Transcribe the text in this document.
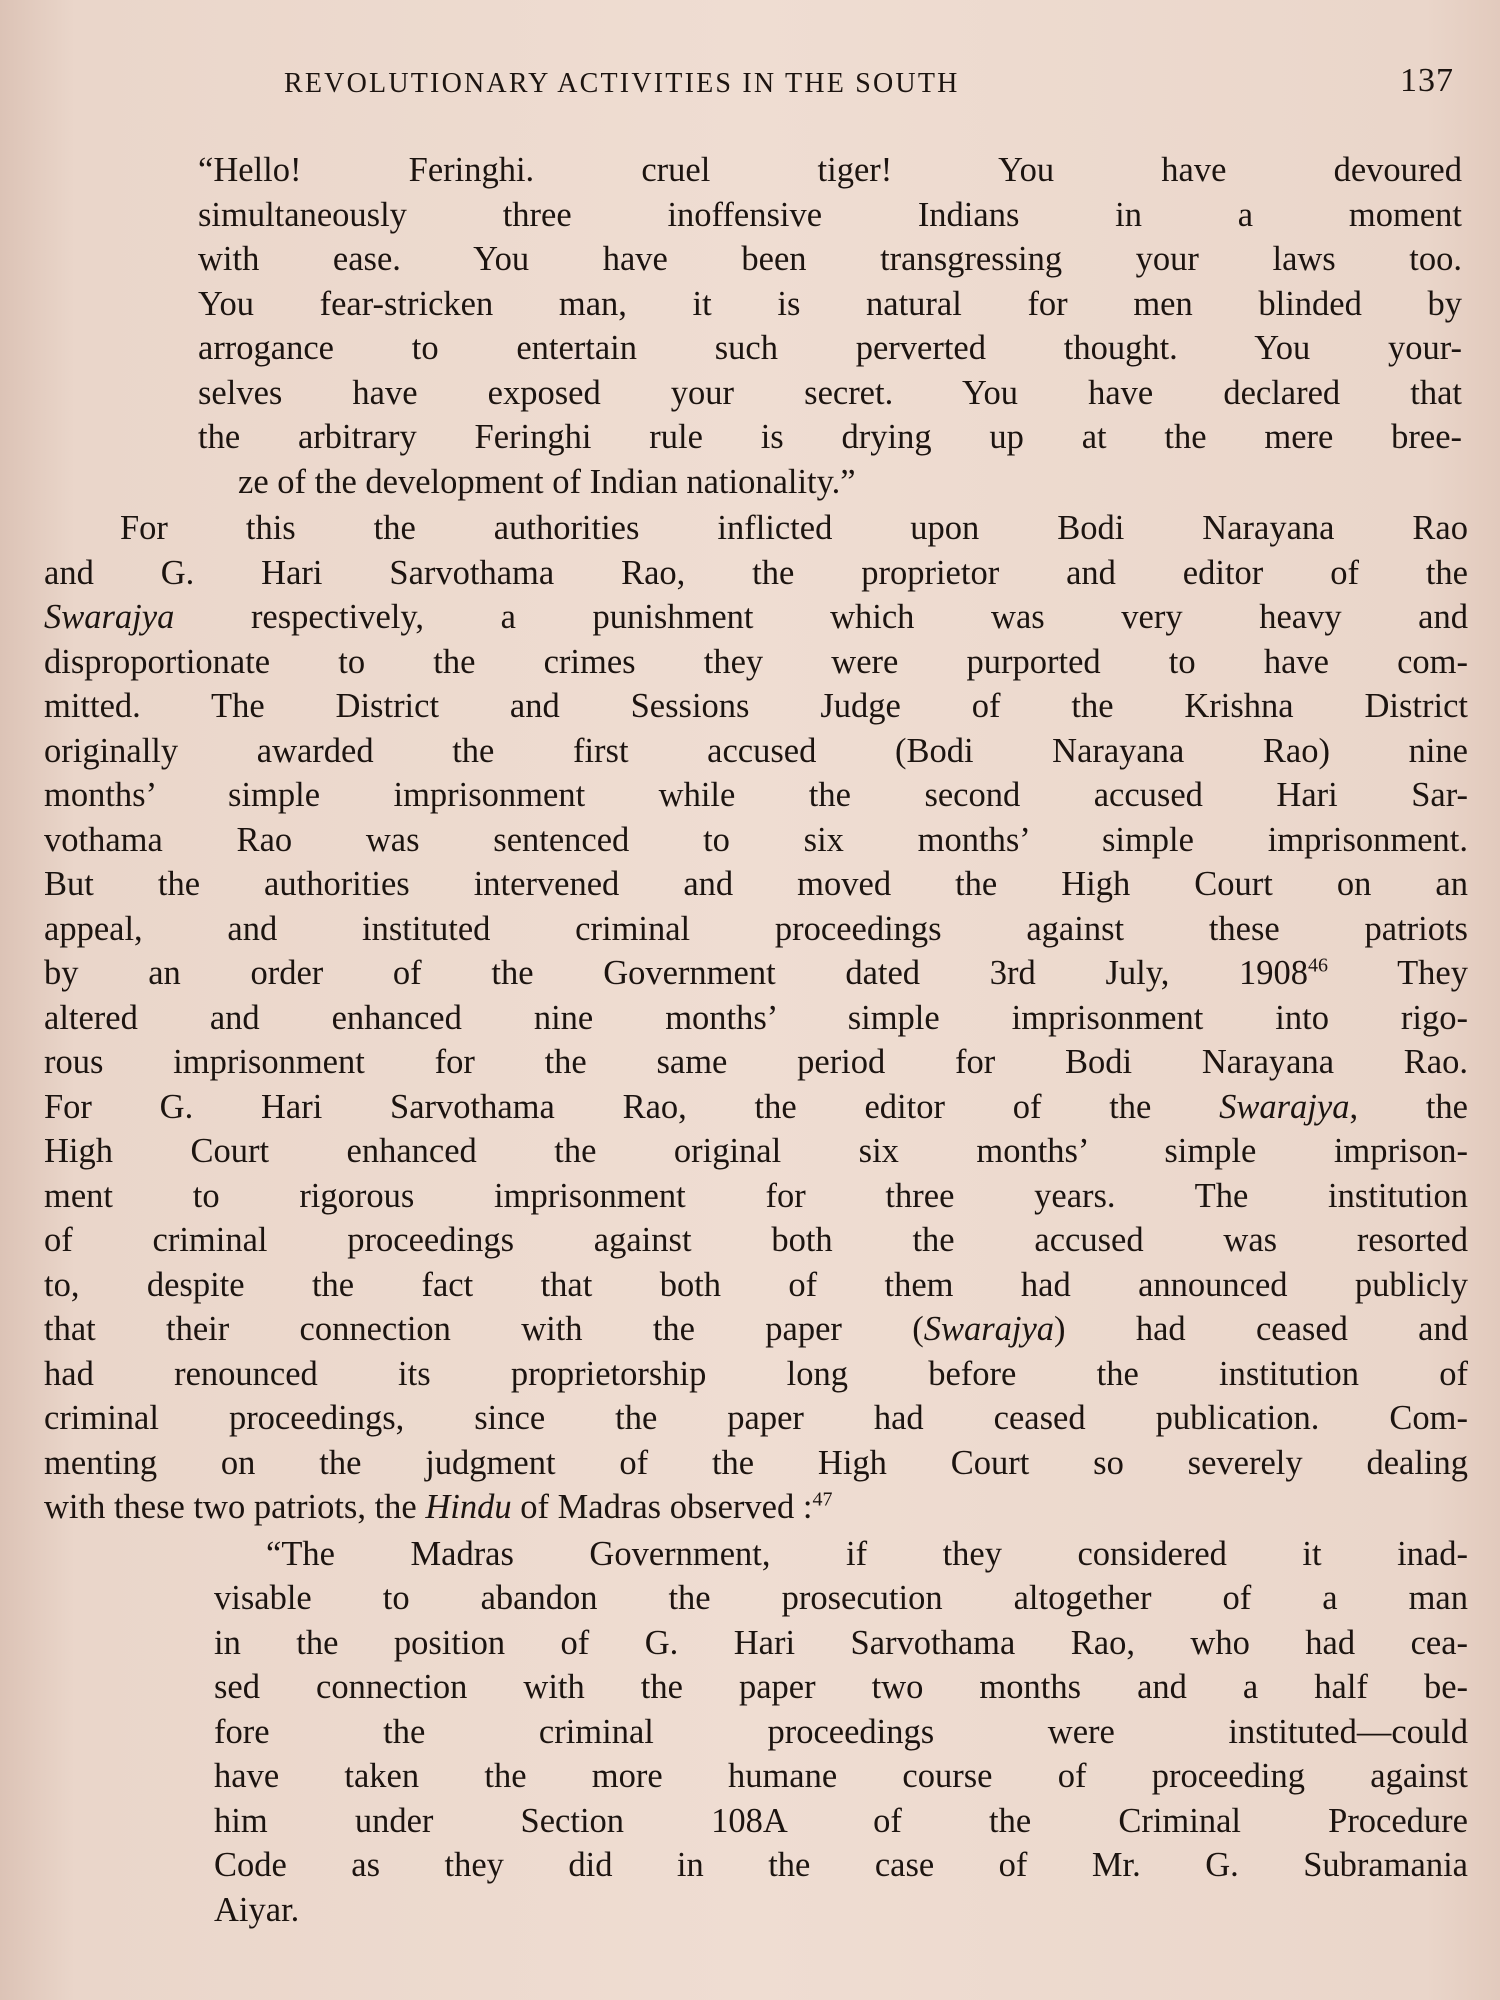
REVOLUTIONARY ACTIVITIES IN THE SOUTH	137
“Hello! Feringhi. cruel tiger! You have devoured
simultaneously three inoffensive Indians in a moment
with ease. You have been transgressing your laws too.
You fear-stricken man, it is natural for men blinded by
arrogance to entertain such perverted thought. You your-
selves have exposed your secret. You have declared that
the arbitrary Feringhi rule is drying up at the mere bree-
ze of the development of Indian nationality.”
For this the authorities inflicted upon Bodi Narayana Rao
and G. Hari Sarvothama Rao, the proprietor and editor of the
Swarajya respectively, a punishment which was very heavy and
disproportionate to the crimes they were purported to have com-
mitted. The District and Sessions Judge of the Krishna District
originally awarded the first accused (Bodi Narayana Rao) nine
months’ simple imprisonment while the second accused Hari Sar-
vothama Rao was sentenced to six months’ simple imprisonment.
But the authorities intervened and moved the High Court on an
appeal, and instituted criminal proceedings against these patriots
by an order of the Government dated 3rd July, 1908$^{46}$ They
altered and enhanced nine months’ simple imprisonment into rigo-
rous imprisonment for the same period for Bodi Narayana Rao.
For G. Hari Sarvothama Rao, the editor of the Swarajya, the
High Court enhanced the original six months’ simple imprison-
ment to rigorous imprisonment for three years. The institution
of criminal proceedings against both the accused was resorted
to, despite the fact that both of them had announced publicly
that their connection with the paper (Swarajya) had ceased and
had renounced its proprietorship long before the institution of
criminal proceedings, since the paper had ceased publication. Com-
menting on the judgment of the High Court so severely dealing
with these two patriots, the Hindu of Madras observed :$^{47}$
“The Madras Government, if they considered it inad-
visable to abandon the prosecution altogether of a man
in the position of G. Hari Sarvothama Rao, who had cea-
sed connection with the paper two months and a half be-
fore the criminal proceedings were instituted—could
have taken the more humane course of proceeding against
him under Section 108A of the Criminal Procedure
Code as they did in the case of Mr. G. Subramania
Aiyar.
